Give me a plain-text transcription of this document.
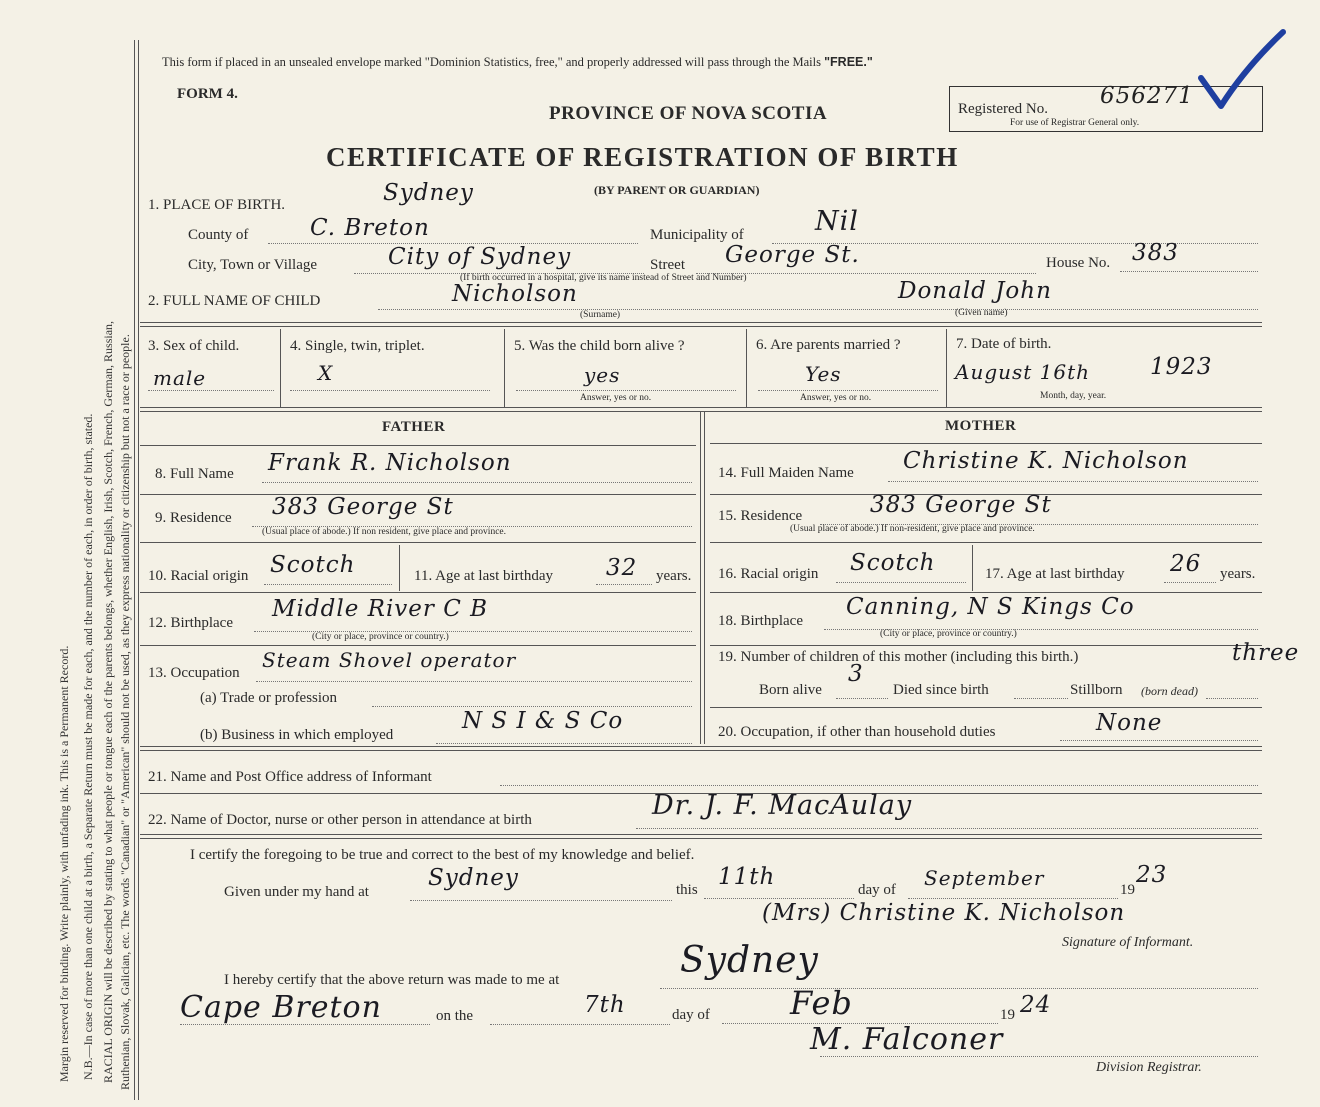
Margin reserved for binding. Write plainly, with unfading ink. This is a Permanent Record. N.B.—In case of more than one child at a birth, a Separate Return must be made for each, and the number of each, in order of birth, stated. RACIAL ORIGIN will be described by stating to what people or tongue each of the parents belongs, whether English, Irish, Scotch, French, German, Russian, Ruthenian, Slovak, Galician, etc. The words "Canadian" or "American" should not be used, as they express nationality or citizenship but not a race or people.
This form if placed in an unsealed envelope marked "Dominion Statistics, free," and properly addressed will pass through the Mails "FREE."
FORM 4.
PROVINCE OF NOVA SCOTIA
CERTIFICATE OF REGISTRATION OF BIRTH
(BY PARENT OR GUARDIAN)
Registered No. 656271
For use of Registrar General only.
1. PLACE OF BIRTH.	Sydney
County of	C. Breton	Municipality of	Nil
City, Town or Village	City of Sydney	Street George St.	House No. 383
(If birth occurred in a hospital, give its name instead of Street and Number)
2. FULL NAME OF CHILD	Nicholson	Donald John
(Surname)	(Given name)
3. Sex of child.
male
4. Single, twin, triplet.
X
5. Was the child born alive ?
yes
Answer, yes or no.
6. Are parents married ?
Yes
Answer, yes or no.
7. Date of birth.
August 16th	1923
Month, day, year.
FATHER	MOTHER
8. Full Name Frank R. Nicholson
9. Residence 383 George St
(Usual place of abode.) If non resident, give place and province.
10. Racial origin Scotch	11. Age at last birthday 32 years.
12. Birthplace
Middle River C B
(City or place, province or country.)
13. Occupation
Steam Shovel operator
(a) Trade or profession
(b) Business in which employed
N S I & S Co
14. Full Maiden Name Christine K. Nicholson
15. Residence	383 George St
(Usual place of abode.) If non-resident, give place and province.
16. Racial origin Scotch	17. Age at last birthday 26 years.
18. Birthplace
Canning, N S Kings Co
(City or place, province or country.)
19. Number of children of this mother (including this birth.)	three
Born alive
3
Died since birth	Stillborn (born dead)
20. Occupation, if other than household duties	None
21. Name and Post Office address of Informant
22. Name of Doctor, nurse or other person in attendance at birth	Dr. J. F. MacAulay
I certify the foregoing to be true and correct to the best of my knowledge and belief.
Given under my hand at
Sydney	this 11th	day of September	19
23
(Mrs) Christine K. Nicholson
Signature of Informant.
I hereby certify that the above return was made to me at	Sydney
Cape Breton	on the	7th	day of	Feb	19 24
M. Falconer
Division Registrar.
